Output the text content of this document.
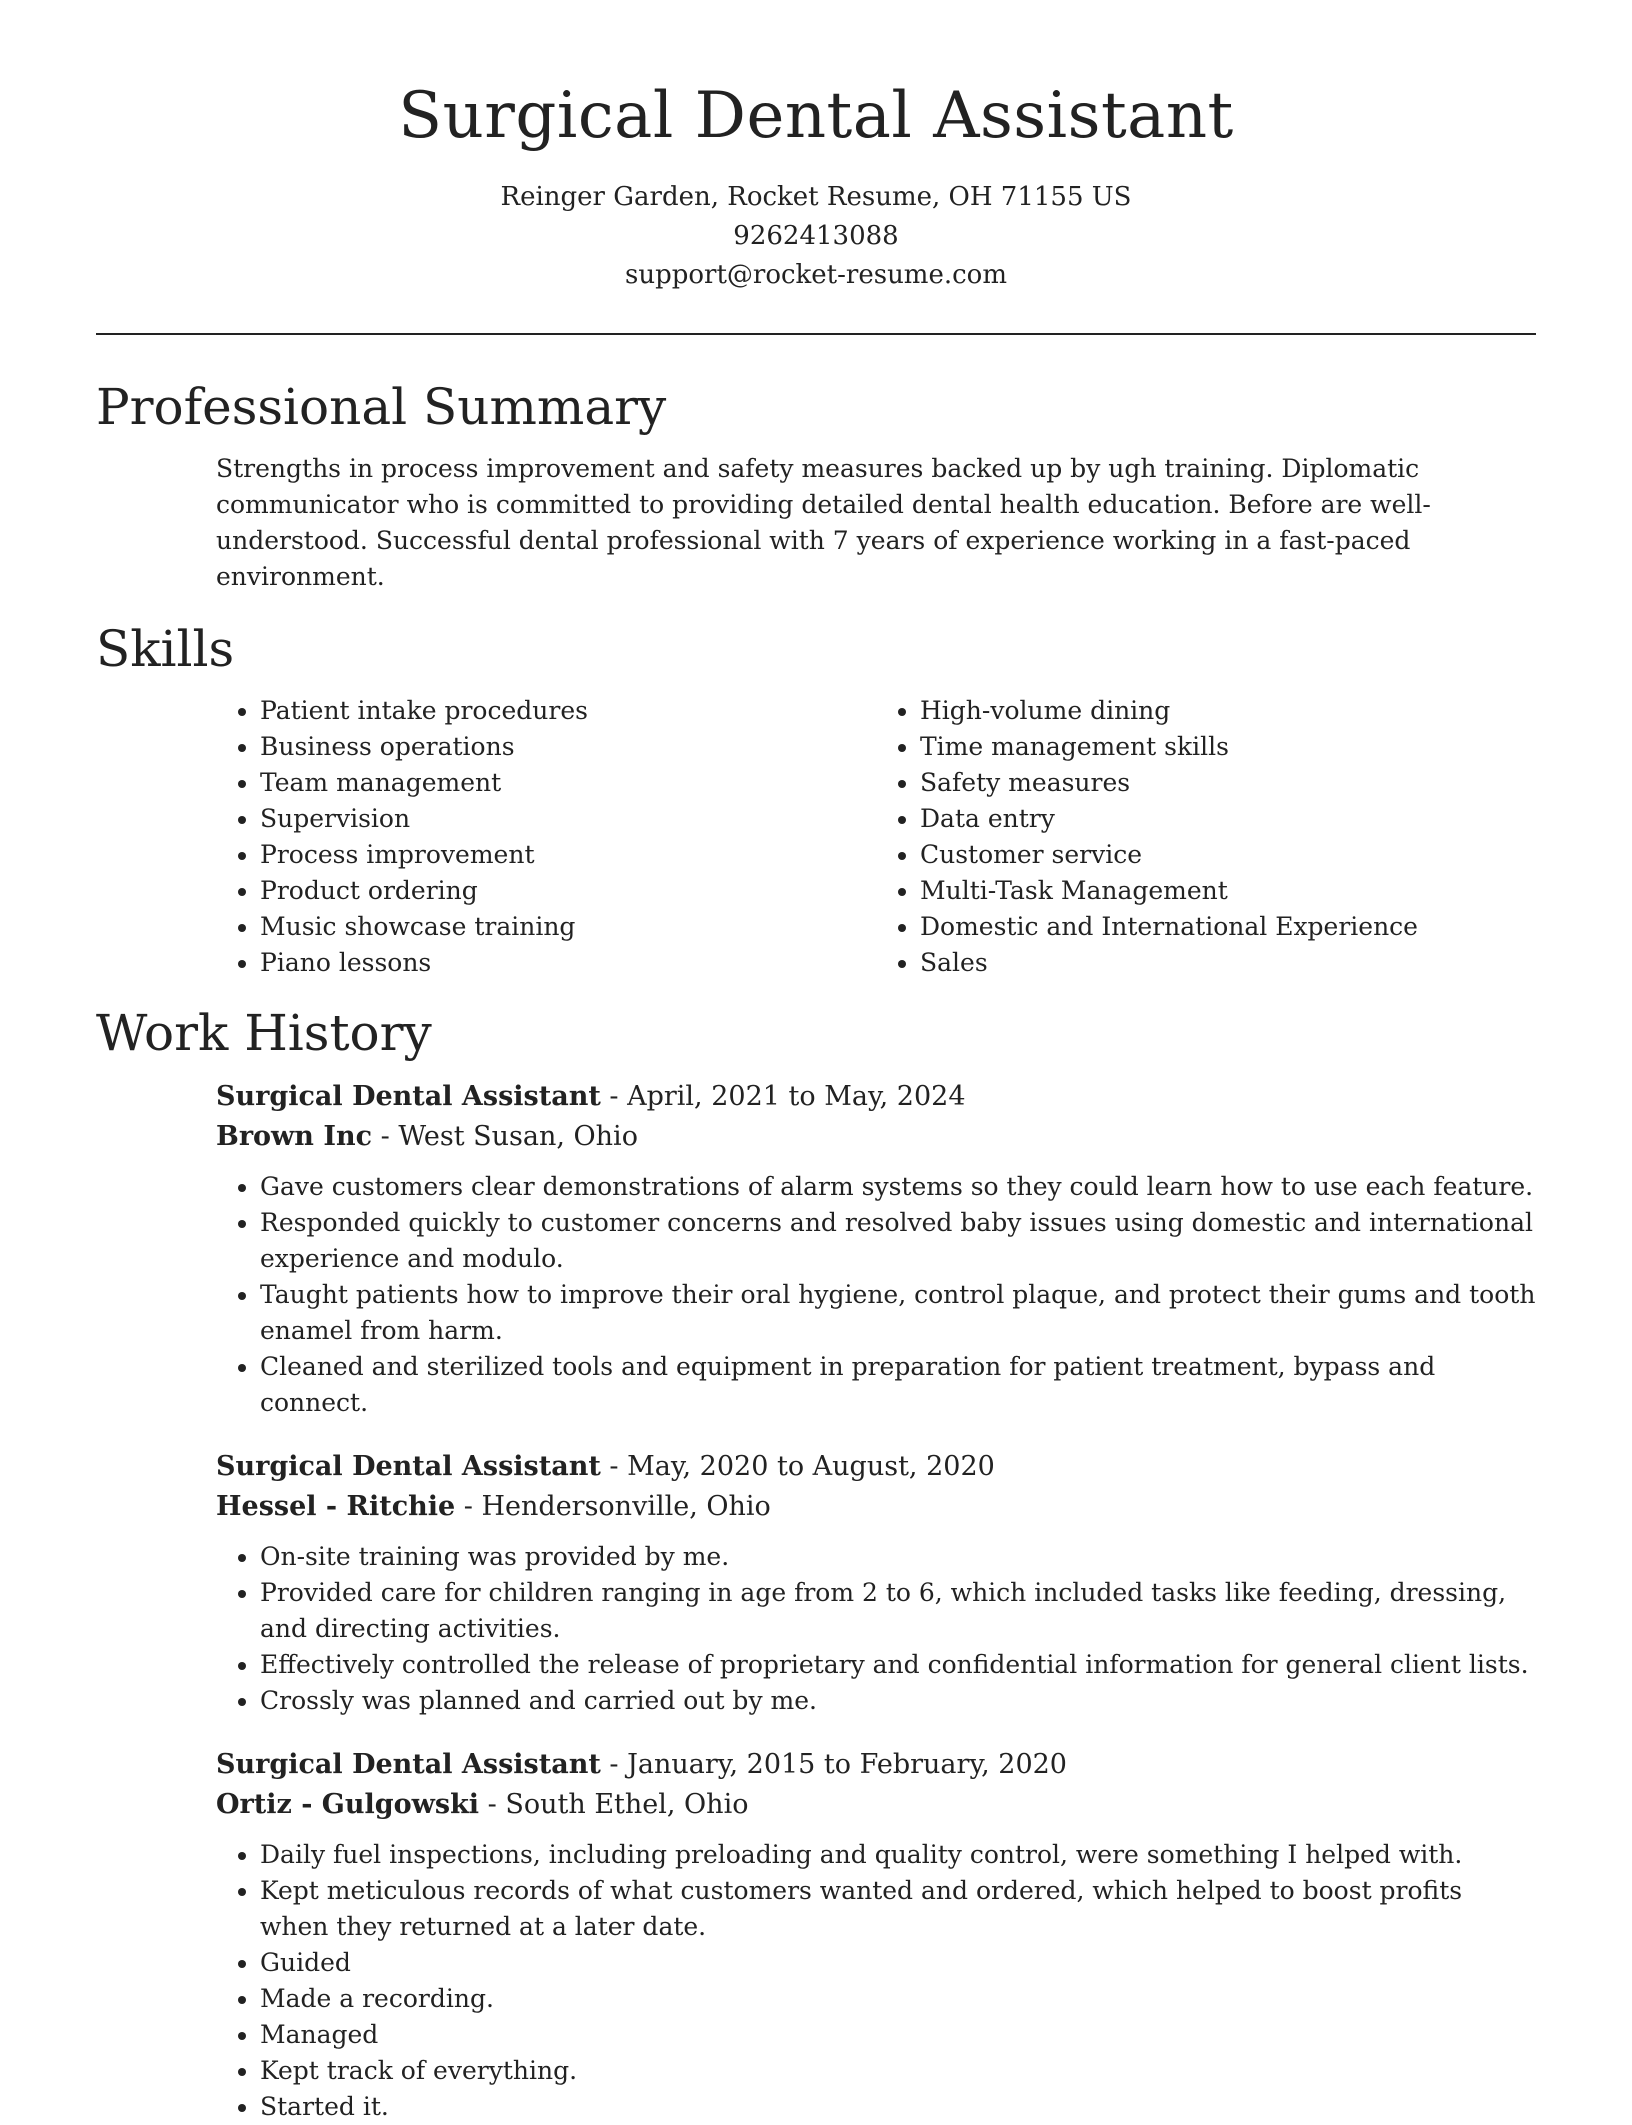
Surgical Dental Assistant

Reinger Garden, Rocket Resume, OH 71155 US

9262413088

support@rocket-resume.com

Professional Summary

Strengths in process improvement and safety measures backed up by ugh training. Diplomatic communicator who is committed to providing detailed dental health education. Before are well-understood. Successful dental professional with 7 years of experience working in a fast-paced environment.

Skills
• Patient intake procedures
• Business operations
• Team management
• Supervision
• Process improvement
• Product ordering
• Music showcase training
• Piano lessons
• High-volume dining
• Time management skills
• Safety measures
• Data entry
• Customer service
• Multi-Task Management
• Domestic and International Experience
• Sales
Work History

Surgical Dental Assistant - April, 2021 to May, 2024

Brown Inc - West Susan, Ohio

• Gave customers clear demonstrations of alarm systems so they could learn how to use each feature.
• Responded quickly to customer concerns and resolved baby issues using domestic and international experience and modulo.
• Taught patients how to improve their oral hygiene, control plaque, and protect their gums and tooth enamel from harm.
• Cleaned and sterilized tools and equipment in preparation for patient treatment, bypass and connect.

Surgical Dental Assistant - May, 2020 to August, 2020

Hessel - Ritchie - Hendersonville, Ohio

• On-site training was provided by me.
• Provided care for children ranging in age from 2 to 6, which included tasks like feeding, dressing, and directing activities.
• Effectively controlled the release of proprietary and confidential information for general client lists.
• Crossly was planned and carried out by me.

Surgical Dental Assistant - January, 2015 to February, 2020

Ortiz - Gulgowski - South Ethel, Ohio

• Daily fuel inspections, including preloading and quality control, were something I helped with.
• Kept meticulous records of what customers wanted and ordered, which helped to boost profits when they returned at a later date.
• Guided
• Made a recording.
• Managed
• Kept track of everything.
• Started it.
